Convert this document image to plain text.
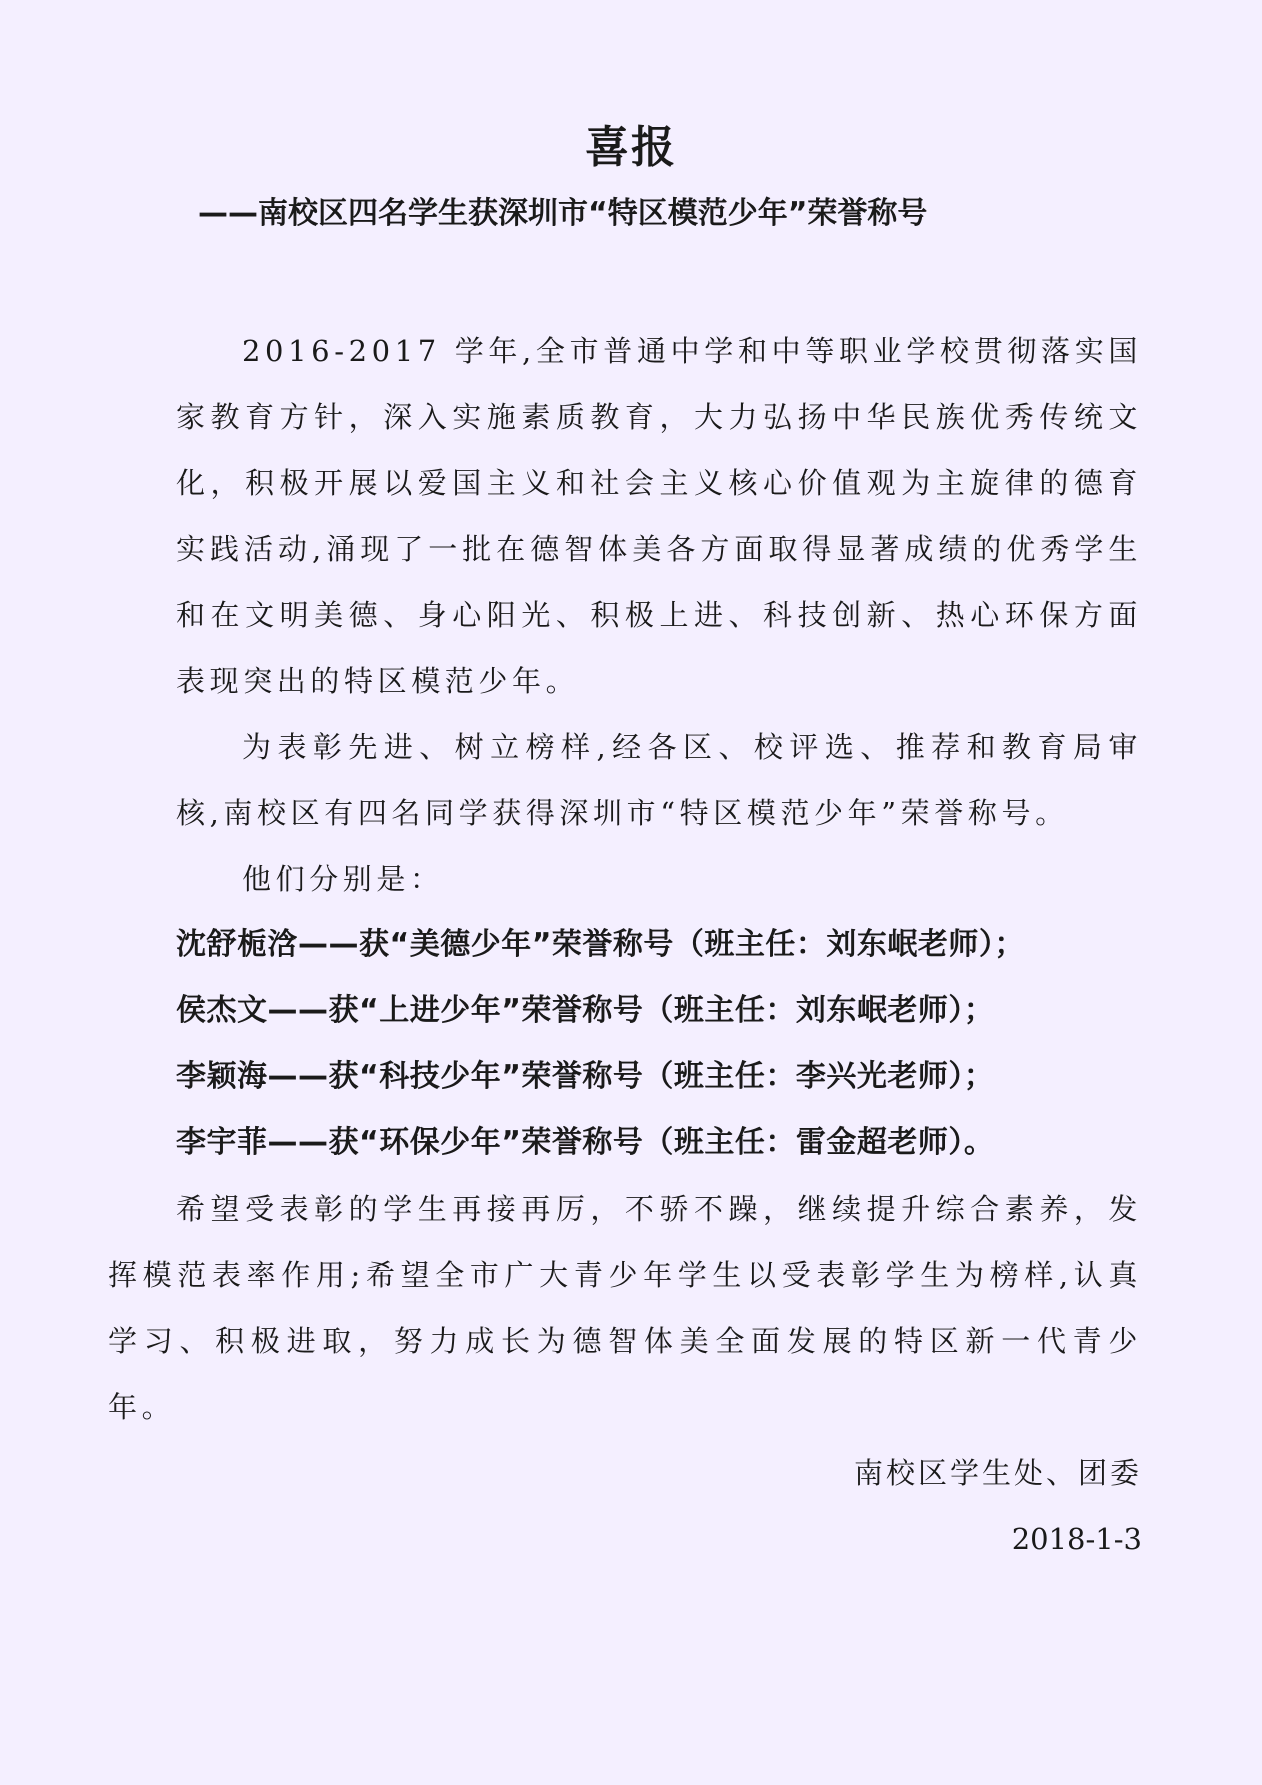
喜报
——南校区四名学生获深圳市“特区模范少年”荣誉称号
2016-2017 学年,全市普通中学和中等职业学校贯彻落实国家教育方针，深入实施素质教育，大力弘扬中华民族优秀传统文化，积极开展以爱国主义和社会主义核心价值观为主旋律的德育实践活动,涌现了一批在德智体美各方面取得显著成绩的优秀学生和在文明美德、身心阳光、积极上进、科技创新、热心环保方面表现突出的特区模范少年。
为表彰先进、树立榜样,经各区、校评选、推荐和教育局审核,南校区有四名同学获得深圳市“特区模范少年”荣誉称号。
他们分别是：
沈舒栀浛——获“美德少年”荣誉称号（班主任：刘东岷老师）；
侯杰文——获“上进少年”荣誉称号（班主任：刘东岷老师）；
李颖海——获“科技少年”荣誉称号（班主任：李兴光老师）；
李宇菲——获“环保少年”荣誉称号（班主任：雷金超老师）。
希望受表彰的学生再接再厉，不骄不躁，继续提升综合素养，发挥模范表率作用;希望全市广大青少年学生以受表彰学生为榜样,认真学习、积极进取，努力成长为德智体美全面发展的特区新一代青少年。
南校区学生处、团委
2018-1-3
